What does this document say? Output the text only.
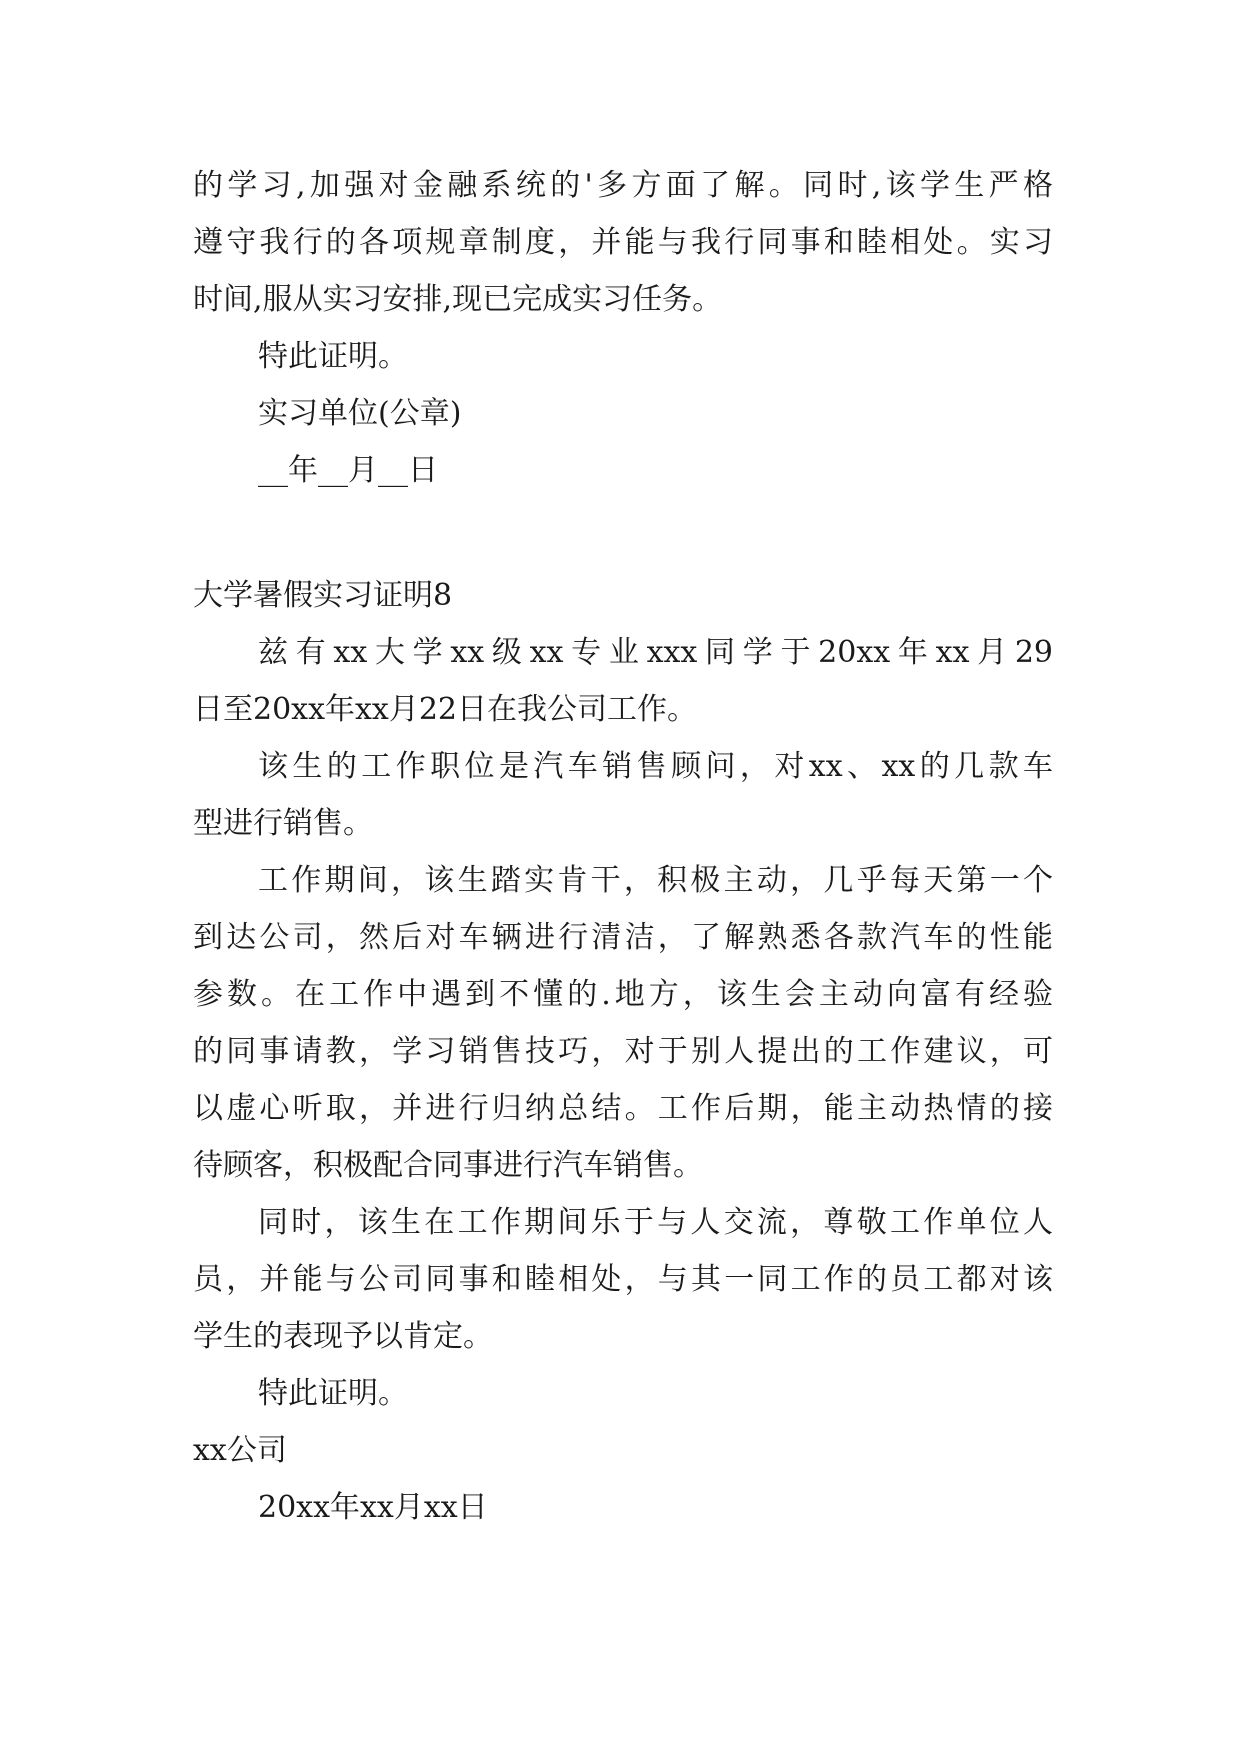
的学习,加强对金融系统的'多方面了解。同时,该学生严格
遵守我行的各项规章制度，并能与我行同事和睦相处。实习
时间,服从实习安排,现已完成实习任务。
特此证明。
实习单位(公章)
__年__月__日
大学暑假实习证明8
兹有xx大学xx级xx专业xxx同学于20xx年xx月29
日至20xx年xx月22日在我公司工作。
该生的工作职位是汽车销售顾问，对xx、xx的几款车
型进行销售。
工作期间，该生踏实肯干，积极主动，几乎每天第一个
到达公司，然后对车辆进行清洁，了解熟悉各款汽车的性能
参数。在工作中遇到不懂的.地方，该生会主动向富有经验
的同事请教，学习销售技巧，对于别人提出的工作建议，可
以虚心听取，并进行归纳总结。工作后期，能主动热情的接
待顾客，积极配合同事进行汽车销售。
同时，该生在工作期间乐于与人交流，尊敬工作单位人
员，并能与公司同事和睦相处，与其一同工作的员工都对该
学生的表现予以肯定。
特此证明。
xx公司
20xx年xx月xx日
